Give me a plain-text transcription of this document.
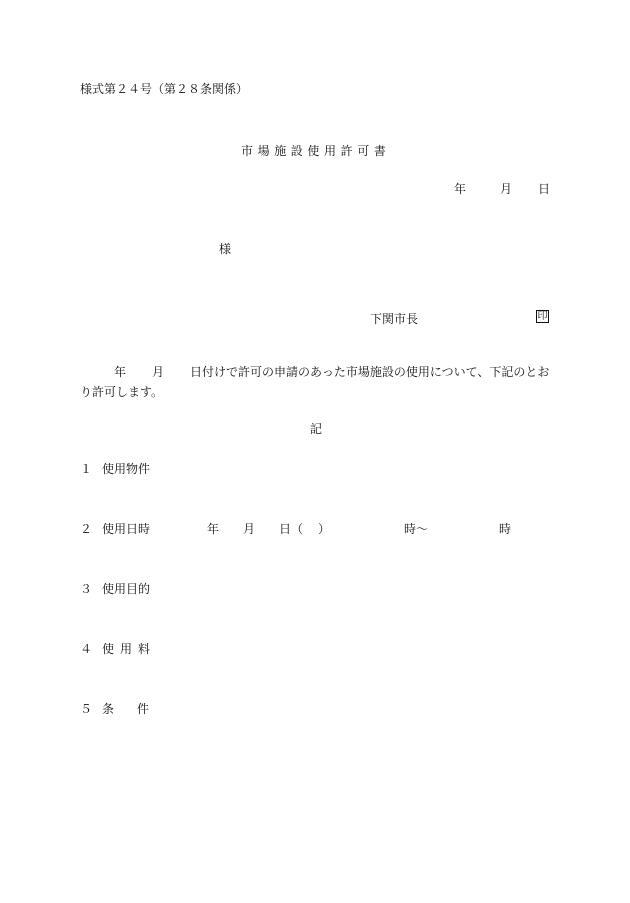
様式第２４号（第２８条関係）
市場施設使用許可書
年	月 日
様
下関市長	印
年 月 日付けで許可の申請のあった市場施設の使用について、下記のとおり許可します。
記
１ 使用物件
２ 使用日時	年 月 日 （ ）	時～	時
３ 使用目的
４ 使用料
５ 条件
